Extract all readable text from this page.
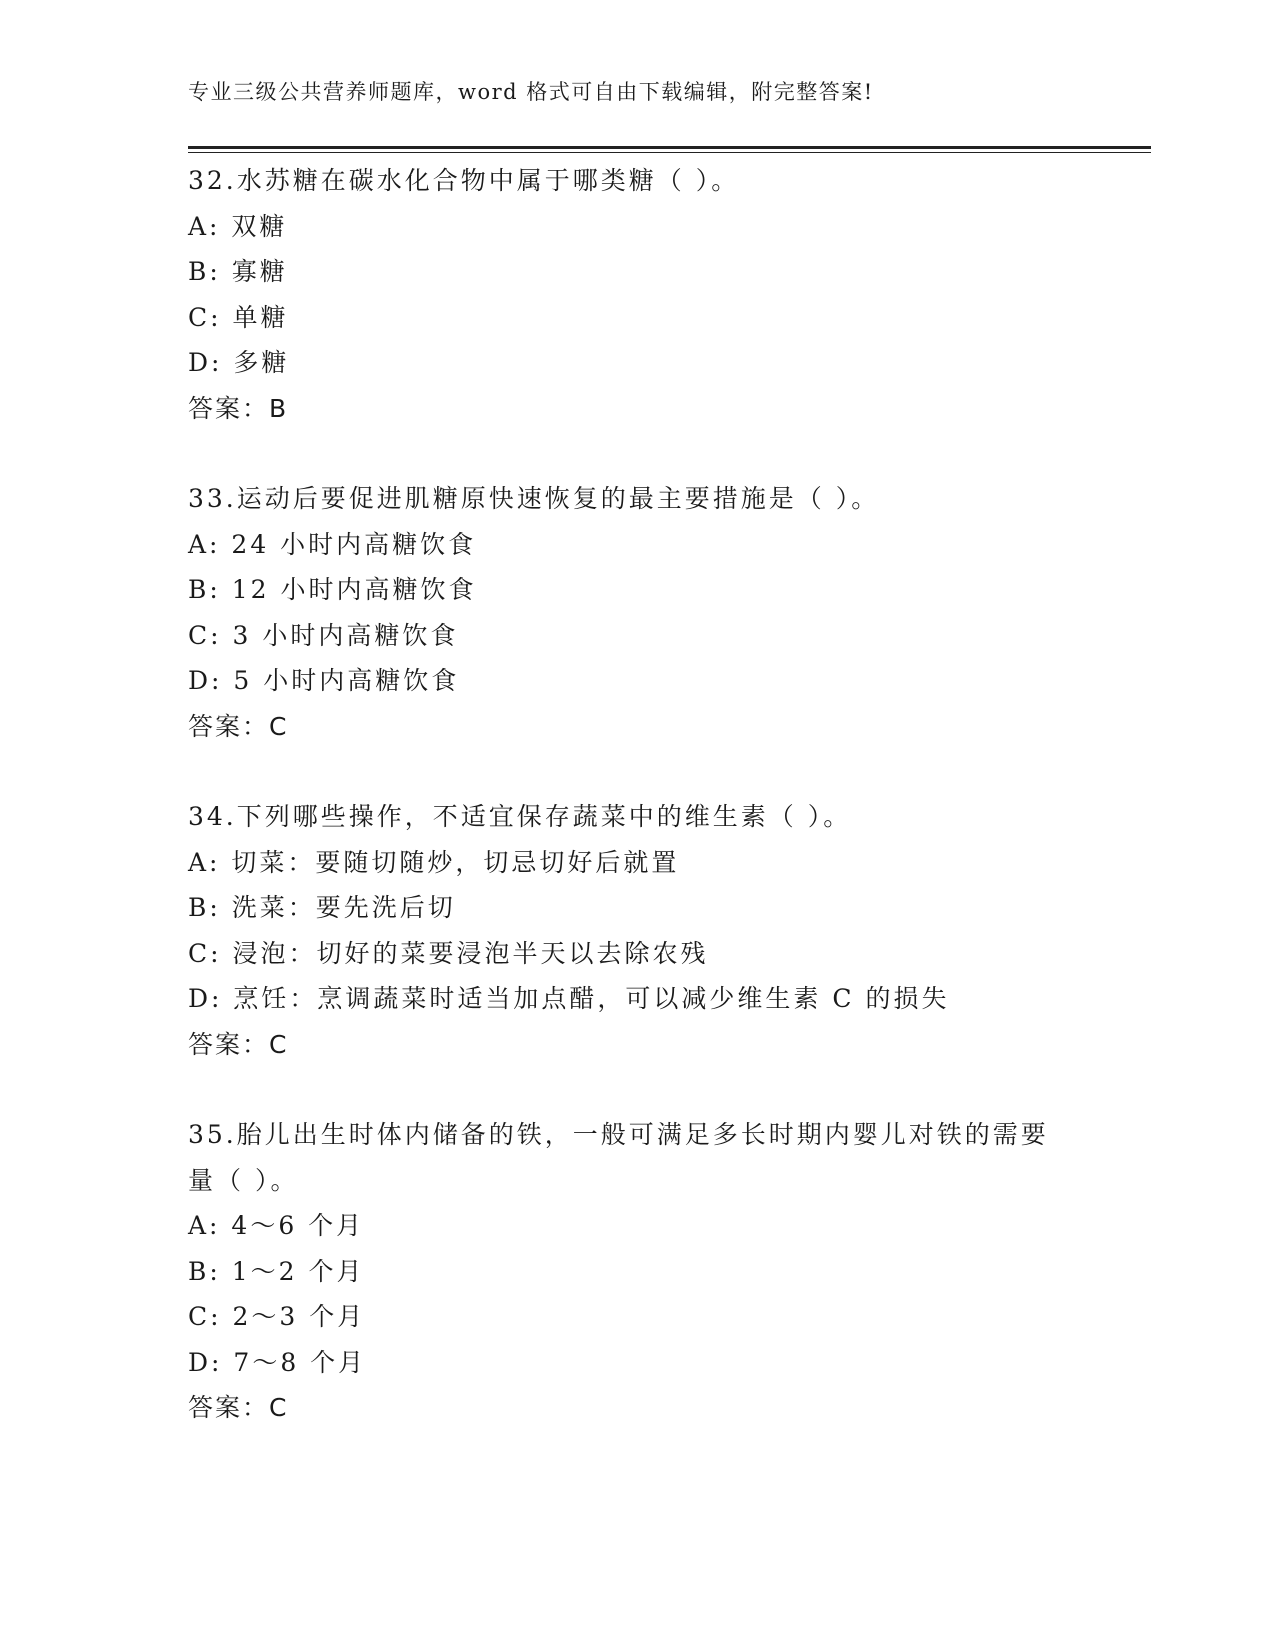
专业三级公共营养师题库，word 格式可自由下载编辑，附完整答案!
32.水苏糖在碳水化合物中属于哪类糖（ ）。
A: 双糖
B: 寡糖
C: 单糖
D: 多糖
答案：B
33.运动后要促进肌糖原快速恢复的最主要措施是（ ）。
A: 24 小时内高糖饮食
B: 12 小时内高糖饮食
C: 3 小时内高糖饮食
D: 5 小时内高糖饮食
答案：C
34.下列哪些操作，不适宜保存蔬菜中的维生素（ ）。
A: 切菜：要随切随炒，切忌切好后就置
B: 洗菜：要先洗后切
C: 浸泡：切好的菜要浸泡半天以去除农残
D: 烹饪：烹调蔬菜时适当加点醋，可以减少维生素 C 的损失
答案：C
35.胎儿出生时体内储备的铁，一般可满足多长时期内婴儿对铁的需要量（ ）。
A: 4～6 个月
B: 1～2 个月
C: 2～3 个月
D: 7～8 个月
答案：C
